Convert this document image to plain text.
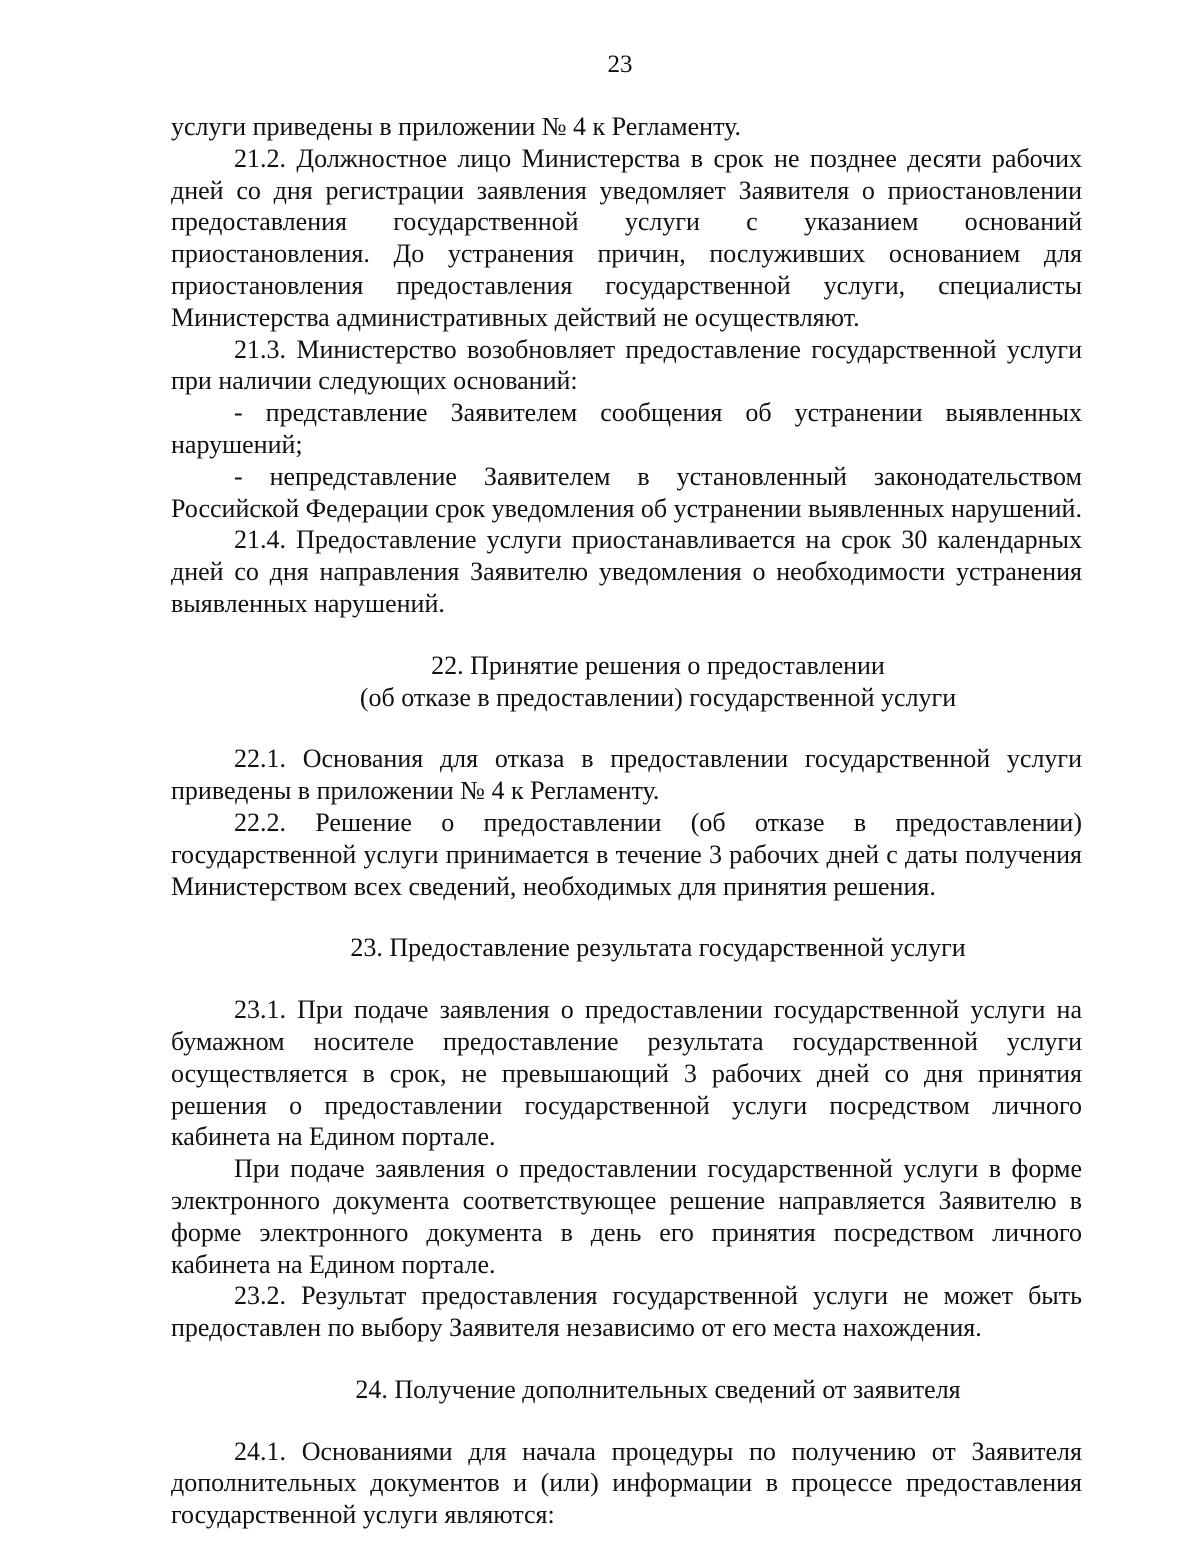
23

услуги приведены в приложении № 4 к Регламенту.

21.2. Должностное лицо Министерства в срок не позднее десяти рабочих дней со дня регистрации заявления уведомляет Заявителя о приостановлении предоставления государственной услуги с указанием оснований приостановления. До устранения причин, послуживших основанием для приостановления предоставления государственной услуги, специалисты Министерства административных действий не осуществляют.

21.3. Министерство возобновляет предоставление государственной услуги при наличии следующих оснований:

- представление Заявителем сообщения об устранении выявленных нарушений;

- непредставление Заявителем в установленный законодательством Российской Федерации срок уведомления об устранении выявленных нарушений.

21.4. Предоставление услуги приостанавливается на срок 30 календарных дней со дня направления Заявителю уведомления о необходимости устранения выявленных нарушений.

22. Принятие решения о предоставлении
(об отказе в предоставлении) государственной услуги

22.1. Основания для отказа в предоставлении государственной услуги приведены в приложении № 4 к Регламенту.

22.2. Решение о предоставлении (об отказе в предоставлении) государственной услуги принимается в течение 3 рабочих дней с даты получения Министерством всех сведений, необходимых для принятия решения.

23. Предоставление результата государственной услуги

23.1. При подаче заявления о предоставлении государственной услуги на бумажном носителе предоставление результата государственной услуги осуществляется в срок, не превышающий 3 рабочих дней со дня принятия решения о предоставлении государственной услуги посредством личного кабинета на Едином портале.

При подаче заявления о предоставлении государственной услуги в форме электронного документа соответствующее решение направляется Заявителю в форме электронного документа в день его принятия посредством личного кабинета на Едином портале.

23.2. Результат предоставления государственной услуги не может быть предоставлен по выбору Заявителя независимо от его места нахождения.

24. Получение дополнительных сведений от заявителя

24.1. Основаниями для начала процедуры по получению от Заявителя дополнительных документов и (или) информации в процессе предоставления государственной услуги являются:
